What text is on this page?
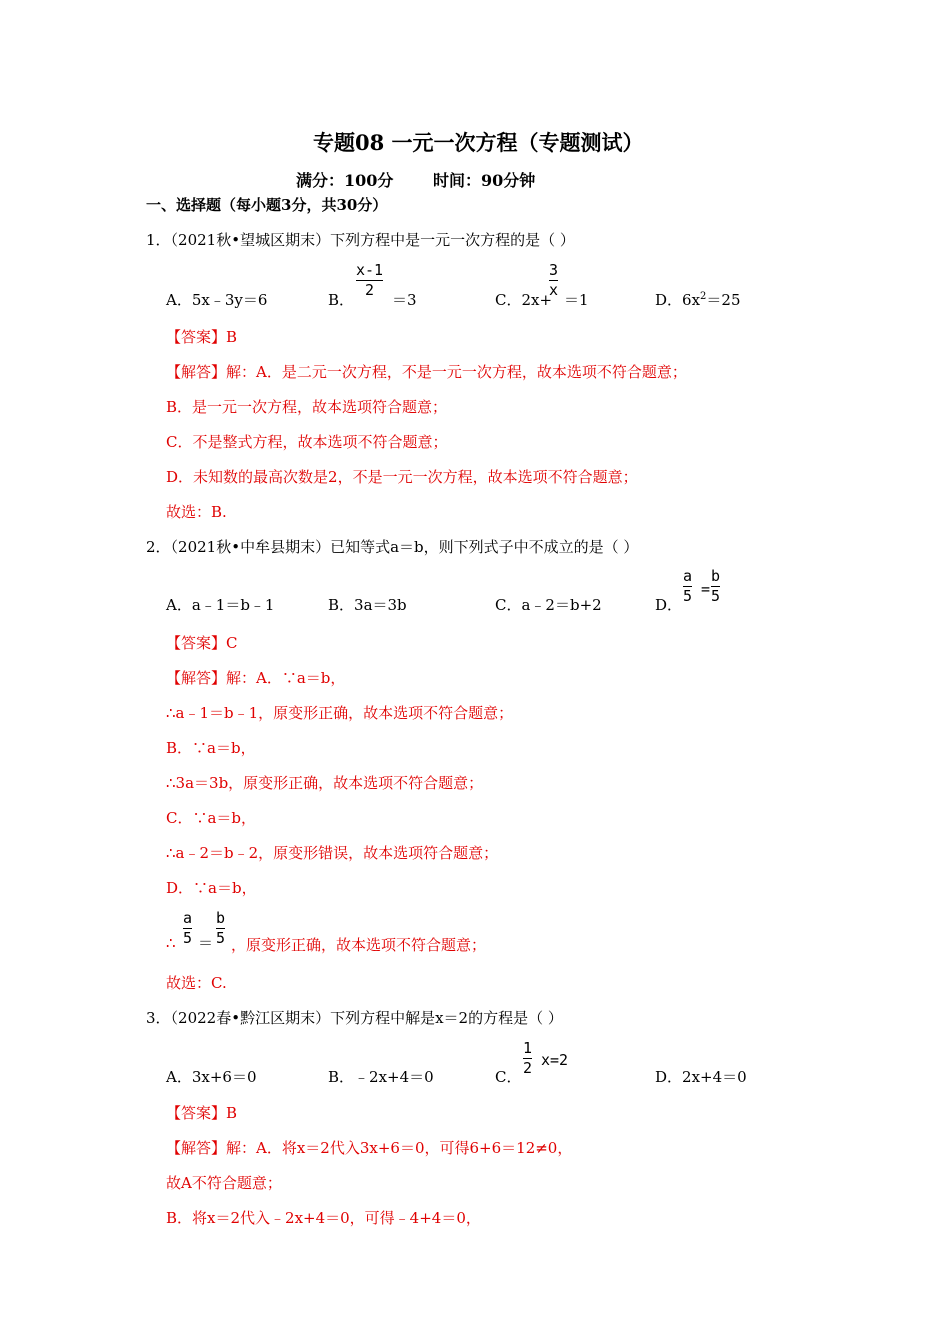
专题08 一元一次方程（专题测试）
满分：100分 时间：90分钟
一、选择题（每小题3分，共30分）
1．（2021秋•望城区期末）下列方程中是一元一次方程的是（ ）
A．5x﹣3y＝6	B．
x-1
2
＝3	C．2x+
3
x
＝1	D．$6x^2=25$
【答案】B
【解答】解：A．是二元一次方程，不是一元一次方程，故本选项不符合题意；
B．是一元一次方程，故本选项符合题意；
C．不是整式方程，故本选项不符合题意；
D．未知数的最高次数是2，不是一元一次方程，故本选项不符合题意；
故选：B.
2．（2021秋•中牟县期末）已知等式a＝b，则下列式子中不成立的是（ ）
A．a﹣1＝b﹣1	B．3a＝3b	C．a﹣2＝b+2	D．
a
5 =
b
5
【答案】C
【解答】解：A．∵a＝b，
∴a﹣1＝b﹣1，原变形正确，故本选项不符合题意；
B．∵a＝b，
∴3a＝3b，原变形正确，故本选项不符合题意；
C．∵a＝b，
∴a﹣2＝b﹣2，原变形错误，故本选项符合题意；
D．∵a＝b，
∴
a
5 ＝
b
5 ，原变形正确，故本选项不符合题意；
故选：C.
3．（2022春•黔江区期末）下列方程中解是x＝2的方程是（ ）
A．3x+6＝0	B．﹣2x+4＝0	C．
1
2 x=2
D．2x+4＝0
【答案】B
【解答】解：A．将x＝2代入3x+6＝0，可得6+6＝12≠0，
故A不符合题意；
B．将x＝2代入﹣2x+4＝0，可得﹣4+4＝0，
